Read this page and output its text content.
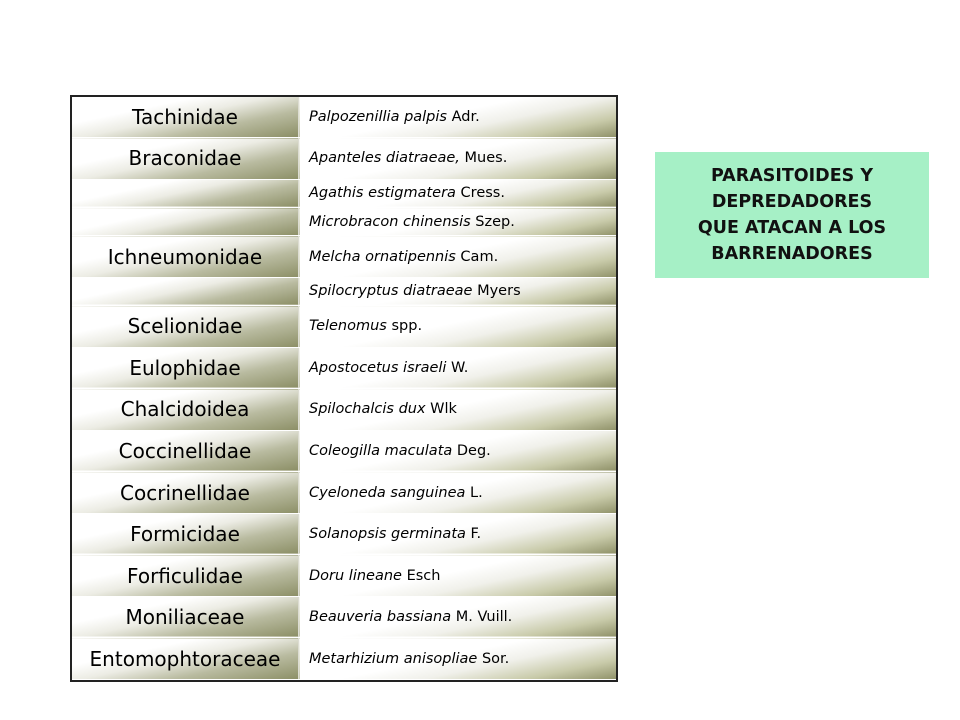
Tachinidae	Palpozenillia palpis Adr.
Braconidae	Apanteles diatraeae, Mues.
	Agathis estigmatera Cress.
	Microbracon chinensis Szep.
Ichneumonidae	Melcha ornatipennis Cam.
	Spilocryptus diatraeae Myers
Scelionidae	Telenomus spp.
Eulophidae	Apostocetus israeli W.
Chalcidoidea	Spilochalcis dux Wlk
Coccinellidae	Coleogilla maculata Deg.
Cocrinellidae	Cyeloneda sanguinea L.
Formicidae	Solanopsis germinata F.
Forficulidae	Doru lineane Esch
Moniliaceae	Beauveria bassiana M. Vuill.
Entomophtoraceae	Metarhizium anisopliae Sor.
PARASITOIDES Y
DEPREDADORES
QUE ATACAN A LOS
BARRENADORES
